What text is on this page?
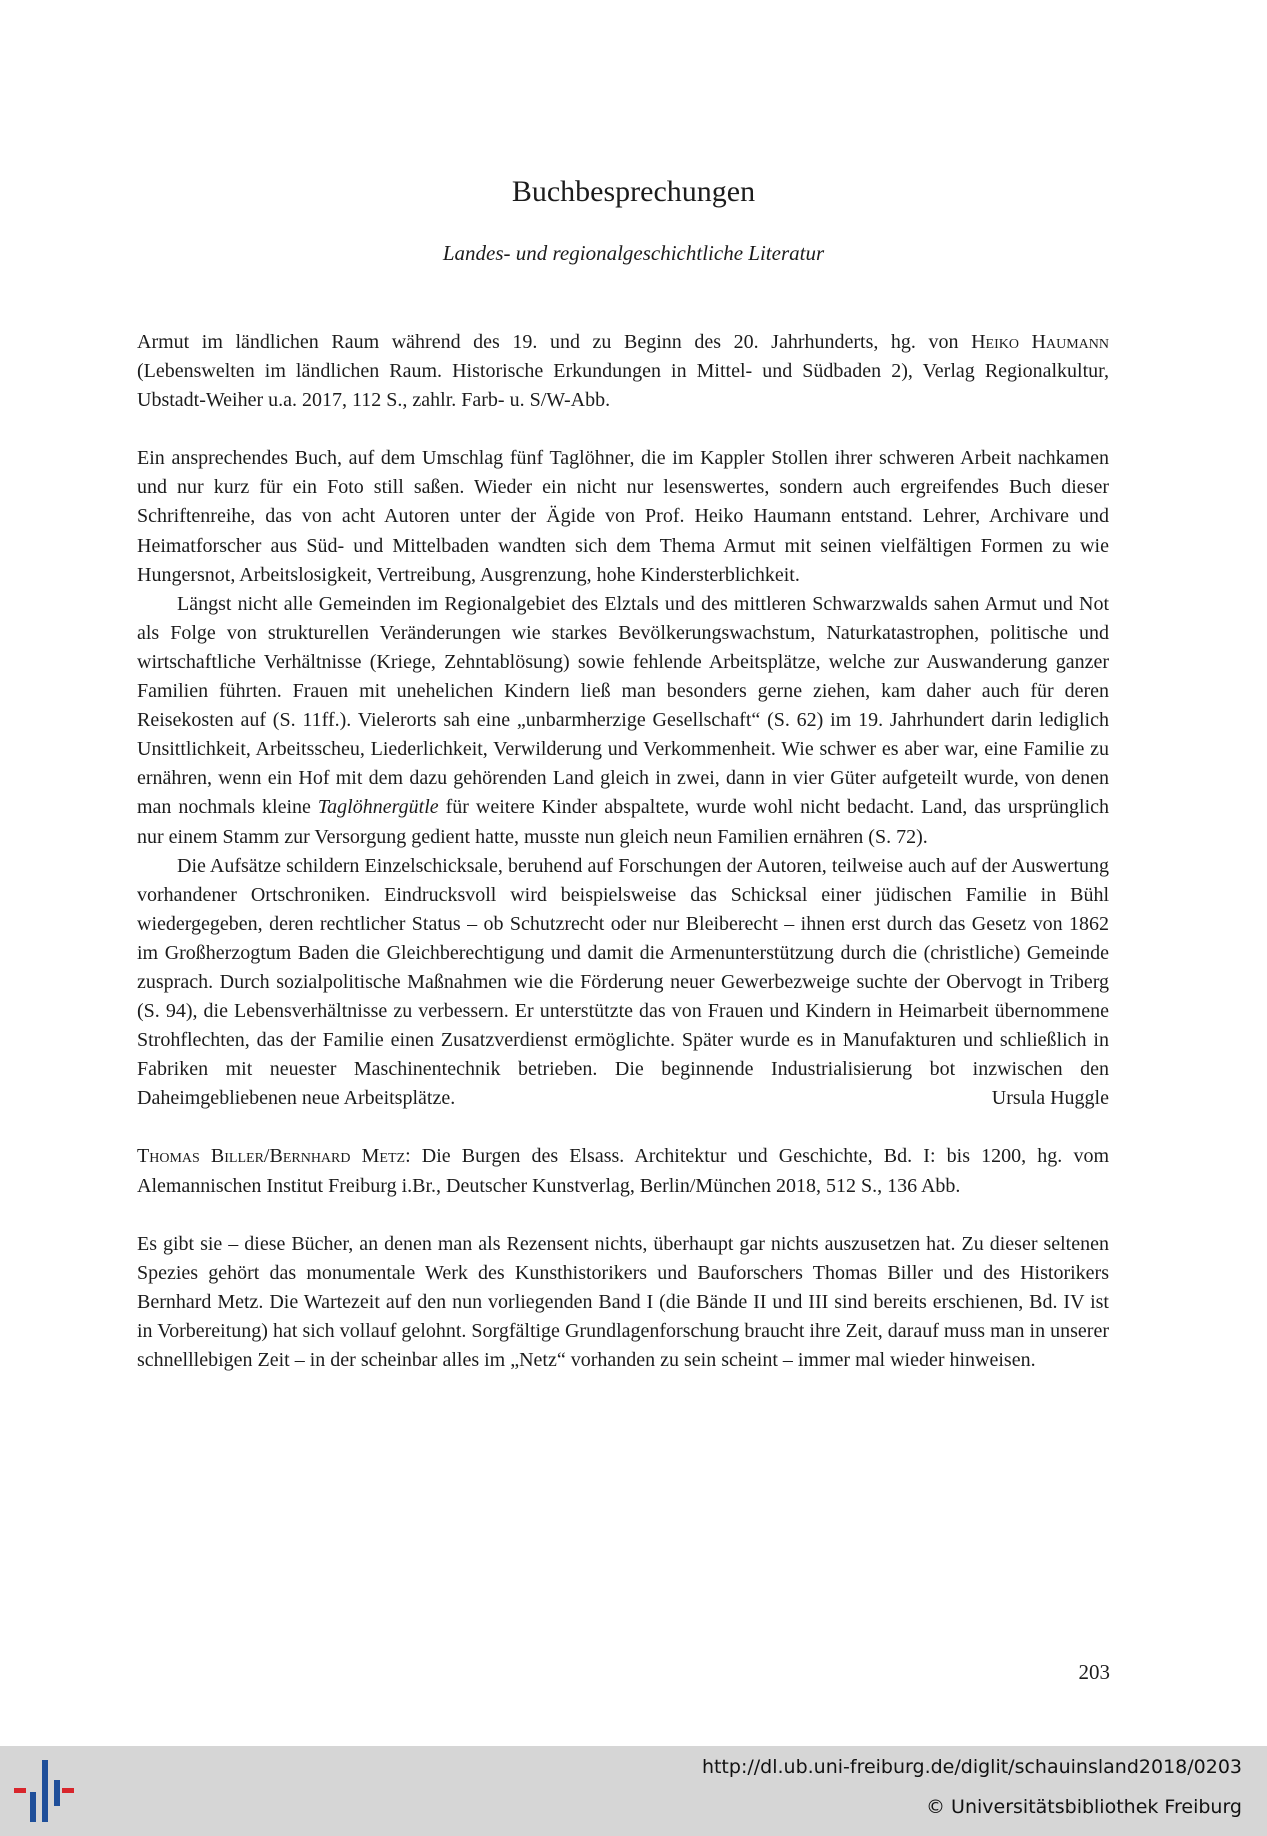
Buchbesprechungen
Landes- und regionalgeschichtliche Literatur

Armut im ländlichen Raum während des 19. und zu Beginn des 20. Jahrhunderts, hg. von Heiko Haumann (Lebenswelten im ländlichen Raum. Historische Erkundungen in Mittel- und Südbaden 2), Verlag Regionalkultur, Ubstadt-Weiher u.a. 2017, 112 S., zahlr. Farb- u. S/W-Abb.

Ein ansprechendes Buch, auf dem Umschlag fünf Taglöhner, die im Kappler Stollen ihrer schweren Arbeit nachkamen und nur kurz für ein Foto still saßen. Wieder ein nicht nur lesenswertes, sondern auch ergreifendes Buch dieser Schriftenreihe, das von acht Autoren unter der Ägide von Prof. Heiko Haumann entstand. Lehrer, Archivare und Heimatforscher aus Süd- und Mittelbaden wandten sich dem Thema Armut mit seinen vielfältigen Formen zu wie Hungersnot, Arbeitslosigkeit, Vertreibung, Ausgrenzung, hohe Kindersterblichkeit.

Längst nicht alle Gemeinden im Regionalgebiet des Elztals und des mittleren Schwarzwalds sahen Armut und Not als Folge von strukturellen Veränderungen wie starkes Bevölkerungswachstum, Naturkatastrophen, politische und wirtschaftliche Verhältnisse (Kriege, Zehntablösung) sowie fehlende Arbeitsplätze, welche zur Auswanderung ganzer Familien führten. Frauen mit unehelichen Kindern ließ man besonders gerne ziehen, kam daher auch für deren Reisekosten auf (S. 11ff.). Vielerorts sah eine „unbarmherzige Gesellschaft“ (S. 62) im 19. Jahrhundert darin lediglich Unsittlichkeit, Arbeitsscheu, Liederlichkeit, Verwilderung und Verkommenheit. Wie schwer es aber war, eine Familie zu ernähren, wenn ein Hof mit dem dazu gehörenden Land gleich in zwei, dann in vier Güter aufgeteilt wurde, von denen man nochmals kleine Taglöhnergütle für weitere Kinder abspaltete, wurde wohl nicht bedacht. Land, das ursprünglich nur einem Stamm zur Versorgung gedient hatte, musste nun gleich neun Familien ernähren (S. 72).

Die Aufsätze schildern Einzelschicksale, beruhend auf Forschungen der Autoren, teilweise auch auf der Auswertung vorhandener Ortschroniken. Eindrucksvoll wird beispielsweise das Schicksal einer jüdischen Familie in Bühl wiedergegeben, deren rechtlicher Status – ob Schutzrecht oder nur Bleiberecht – ihnen erst durch das Gesetz von 1862 im Großherzogtum Baden die Gleichberechtigung und damit die Armenunterstützung durch die (christliche) Gemeinde zusprach. Durch sozialpolitische Maßnahmen wie die Förderung neuer Gewerbezweige suchte der Obervogt in Triberg (S. 94), die Lebensverhältnisse zu verbessern. Er unterstützte das von Frauen und Kindern in Heimarbeit übernommene Strohflechten, das der Familie einen Zusatzverdienst ermöglichte. Später wurde es in Manufakturen und schließlich in Fabriken mit neuester Maschinentechnik betrieben. Die beginnende Industrialisierung bot inzwischen den Daheimgebliebenen neue Arbeitsplätze.	Ursula Huggle

Thomas Biller/Bernhard Metz: Die Burgen des Elsass. Architektur und Geschichte, Bd. I: bis 1200, hg. vom Alemannischen Institut Freiburg i.Br., Deutscher Kunstverlag, Berlin/München 2018, 512 S., 136 Abb.

Es gibt sie – diese Bücher, an denen man als Rezensent nichts, überhaupt gar nichts auszusetzen hat. Zu dieser seltenen Spezies gehört das monumentale Werk des Kunsthistorikers und Bauforschers Thomas Biller und des Historikers Bernhard Metz. Die Wartezeit auf den nun vorliegenden Band I (die Bände II und III sind bereits erschienen, Bd. IV ist in Vorbereitung) hat sich vollauf gelohnt. Sorgfältige Grundlagenforschung braucht ihre Zeit, darauf muss man in unserer schnelllebigen Zeit – in der scheinbar alles im „Netz“ vorhanden zu sein scheint – immer mal wieder hinweisen.

203
http://dl.ub.uni-freiburg.de/diglit/schauinsland2018/0203
© Universitätsbibliothek Freiburg
